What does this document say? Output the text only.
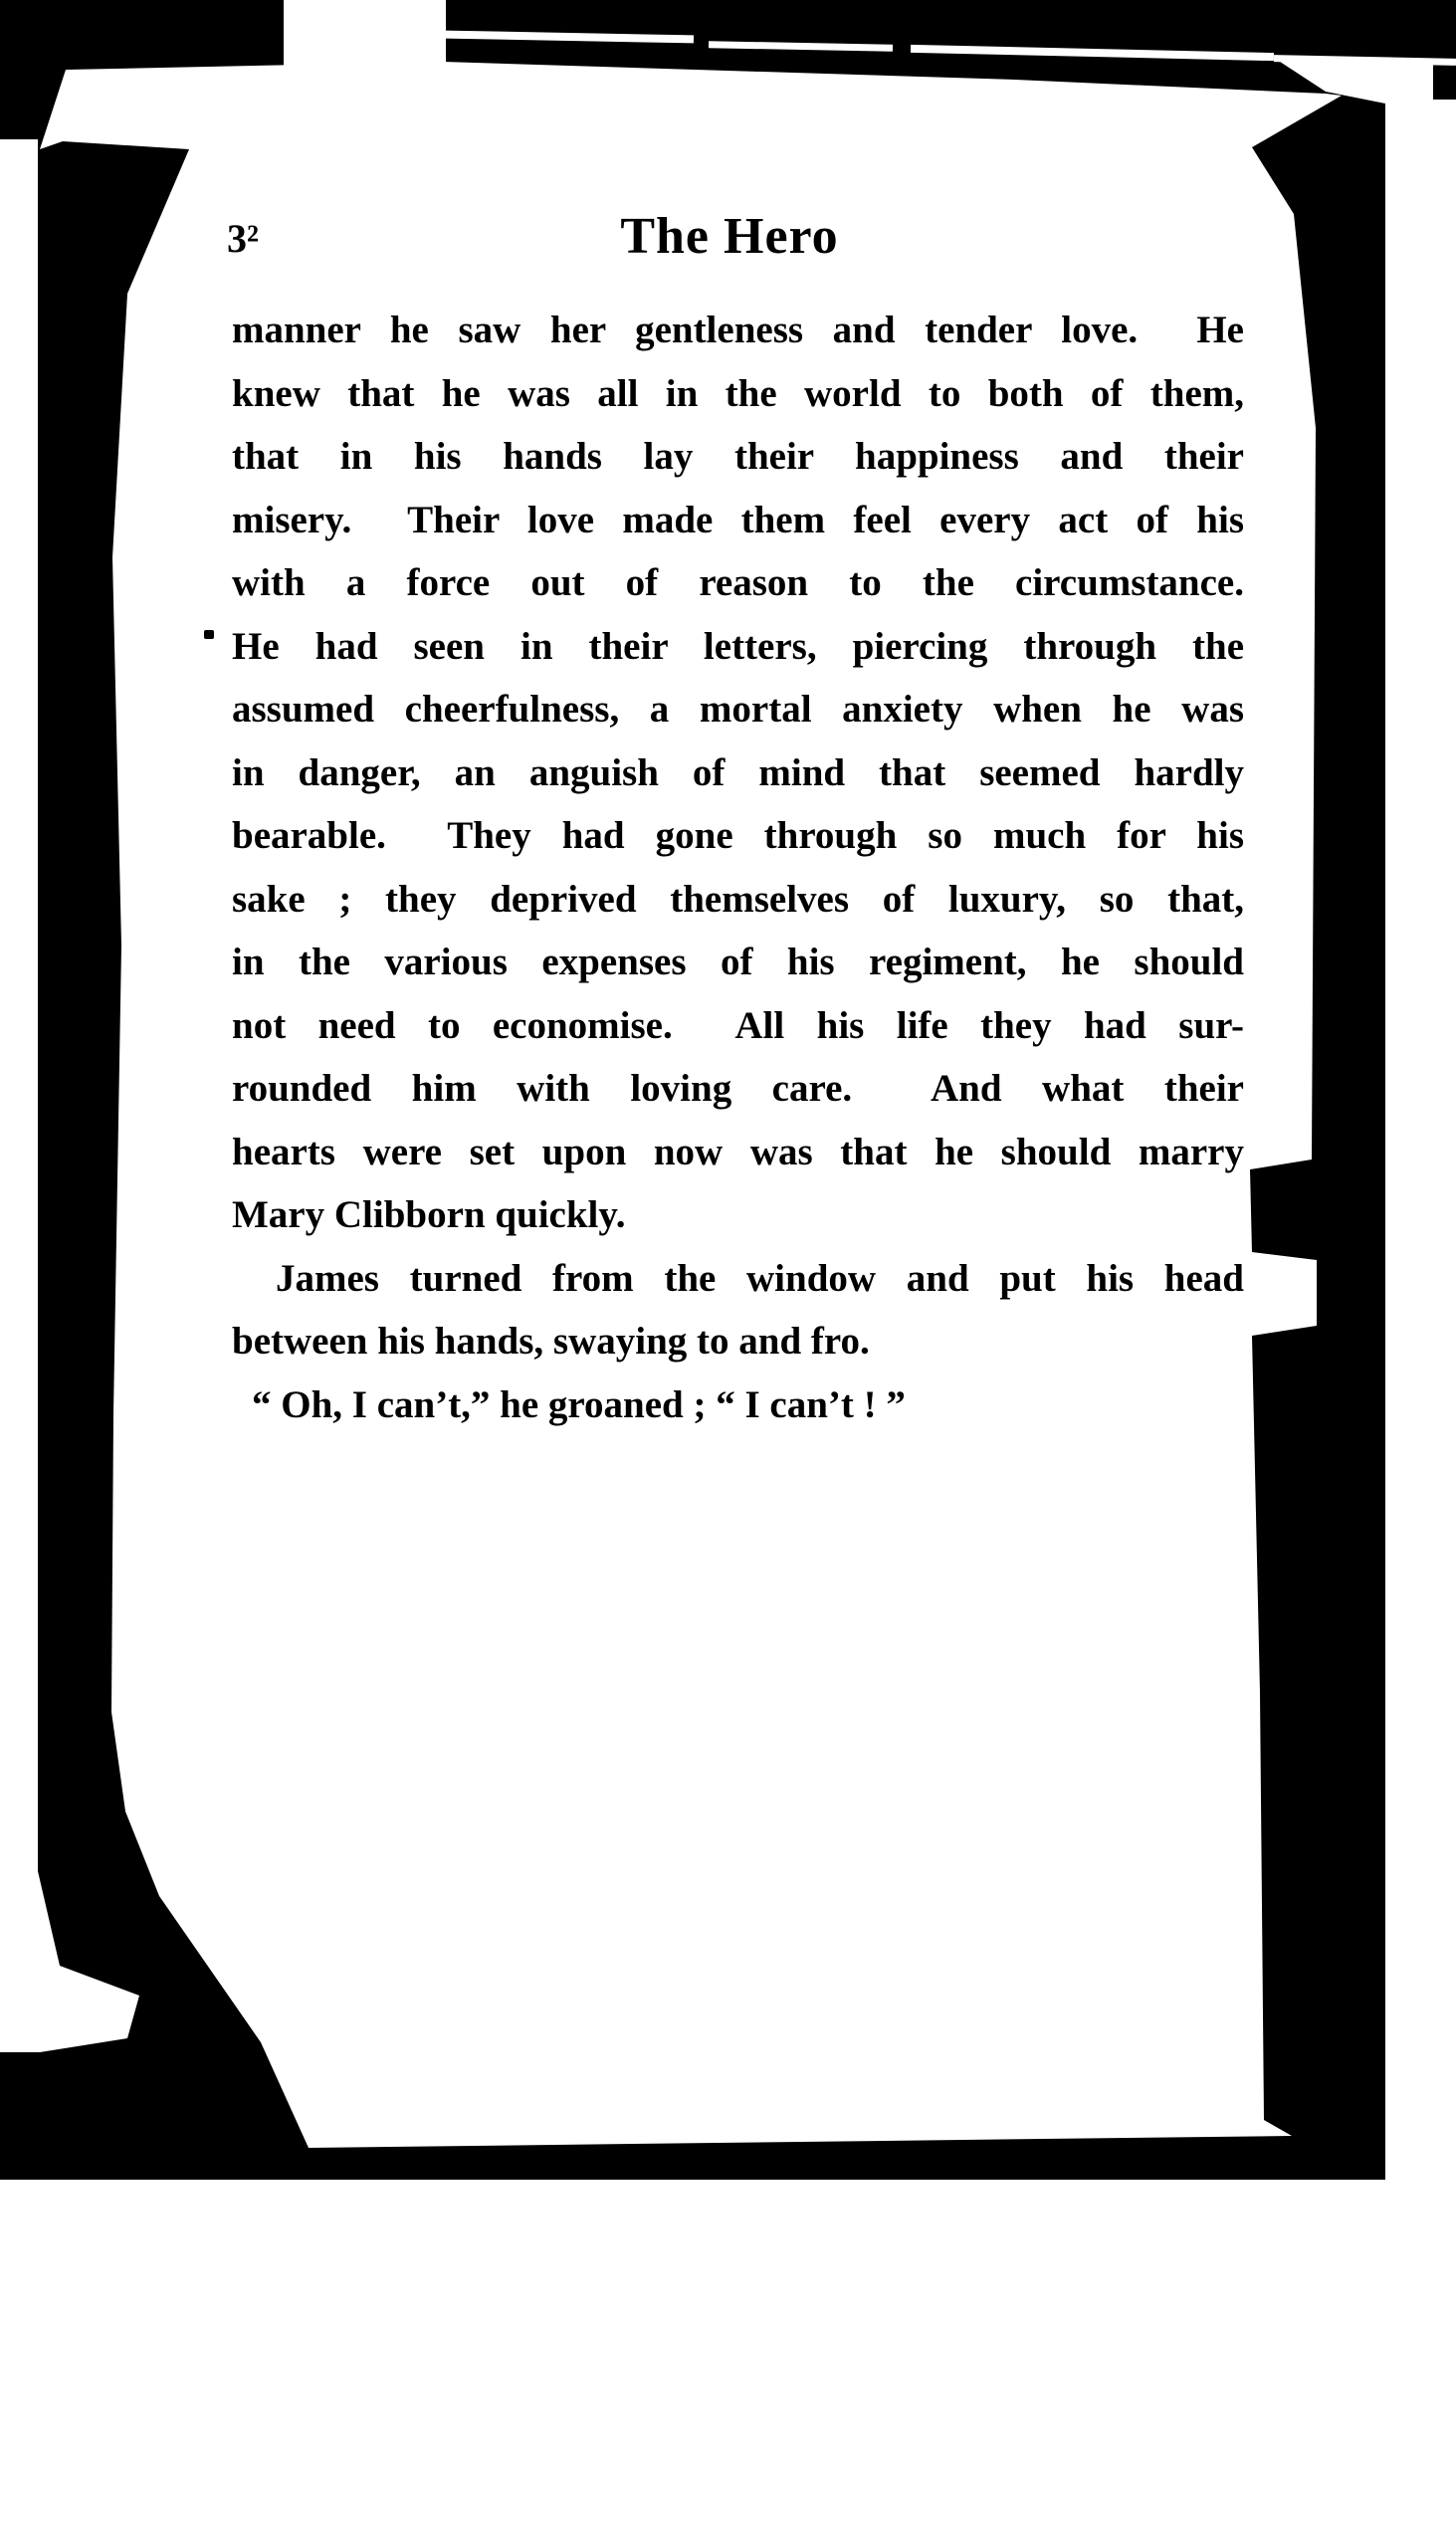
3²	The Hero
manner he saw her gentleness and tender love.  He
knew that he was all in the world to both of them,
that in his hands lay their happiness and their
misery.  Their love made them feel every act of his
with a force out of reason to the circumstance.
He had seen in their letters, piercing through the
assumed cheerfulness, a mortal anxiety when he was
in danger, an anguish of mind that seemed hardly
bearable.  They had gone through so much for his
sake ; they deprived themselves of luxury, so that,
in the various expenses of his regiment, he should
not need to economise.  All his life they had sur-
rounded him with loving care.  And what their
hearts were set upon now was that he should marry
Mary Clibborn quickly.
James turned from the window and put his head
between his hands, swaying to and fro.
“ Oh, I can’t,” he groaned ; “ I can’t ! ”
